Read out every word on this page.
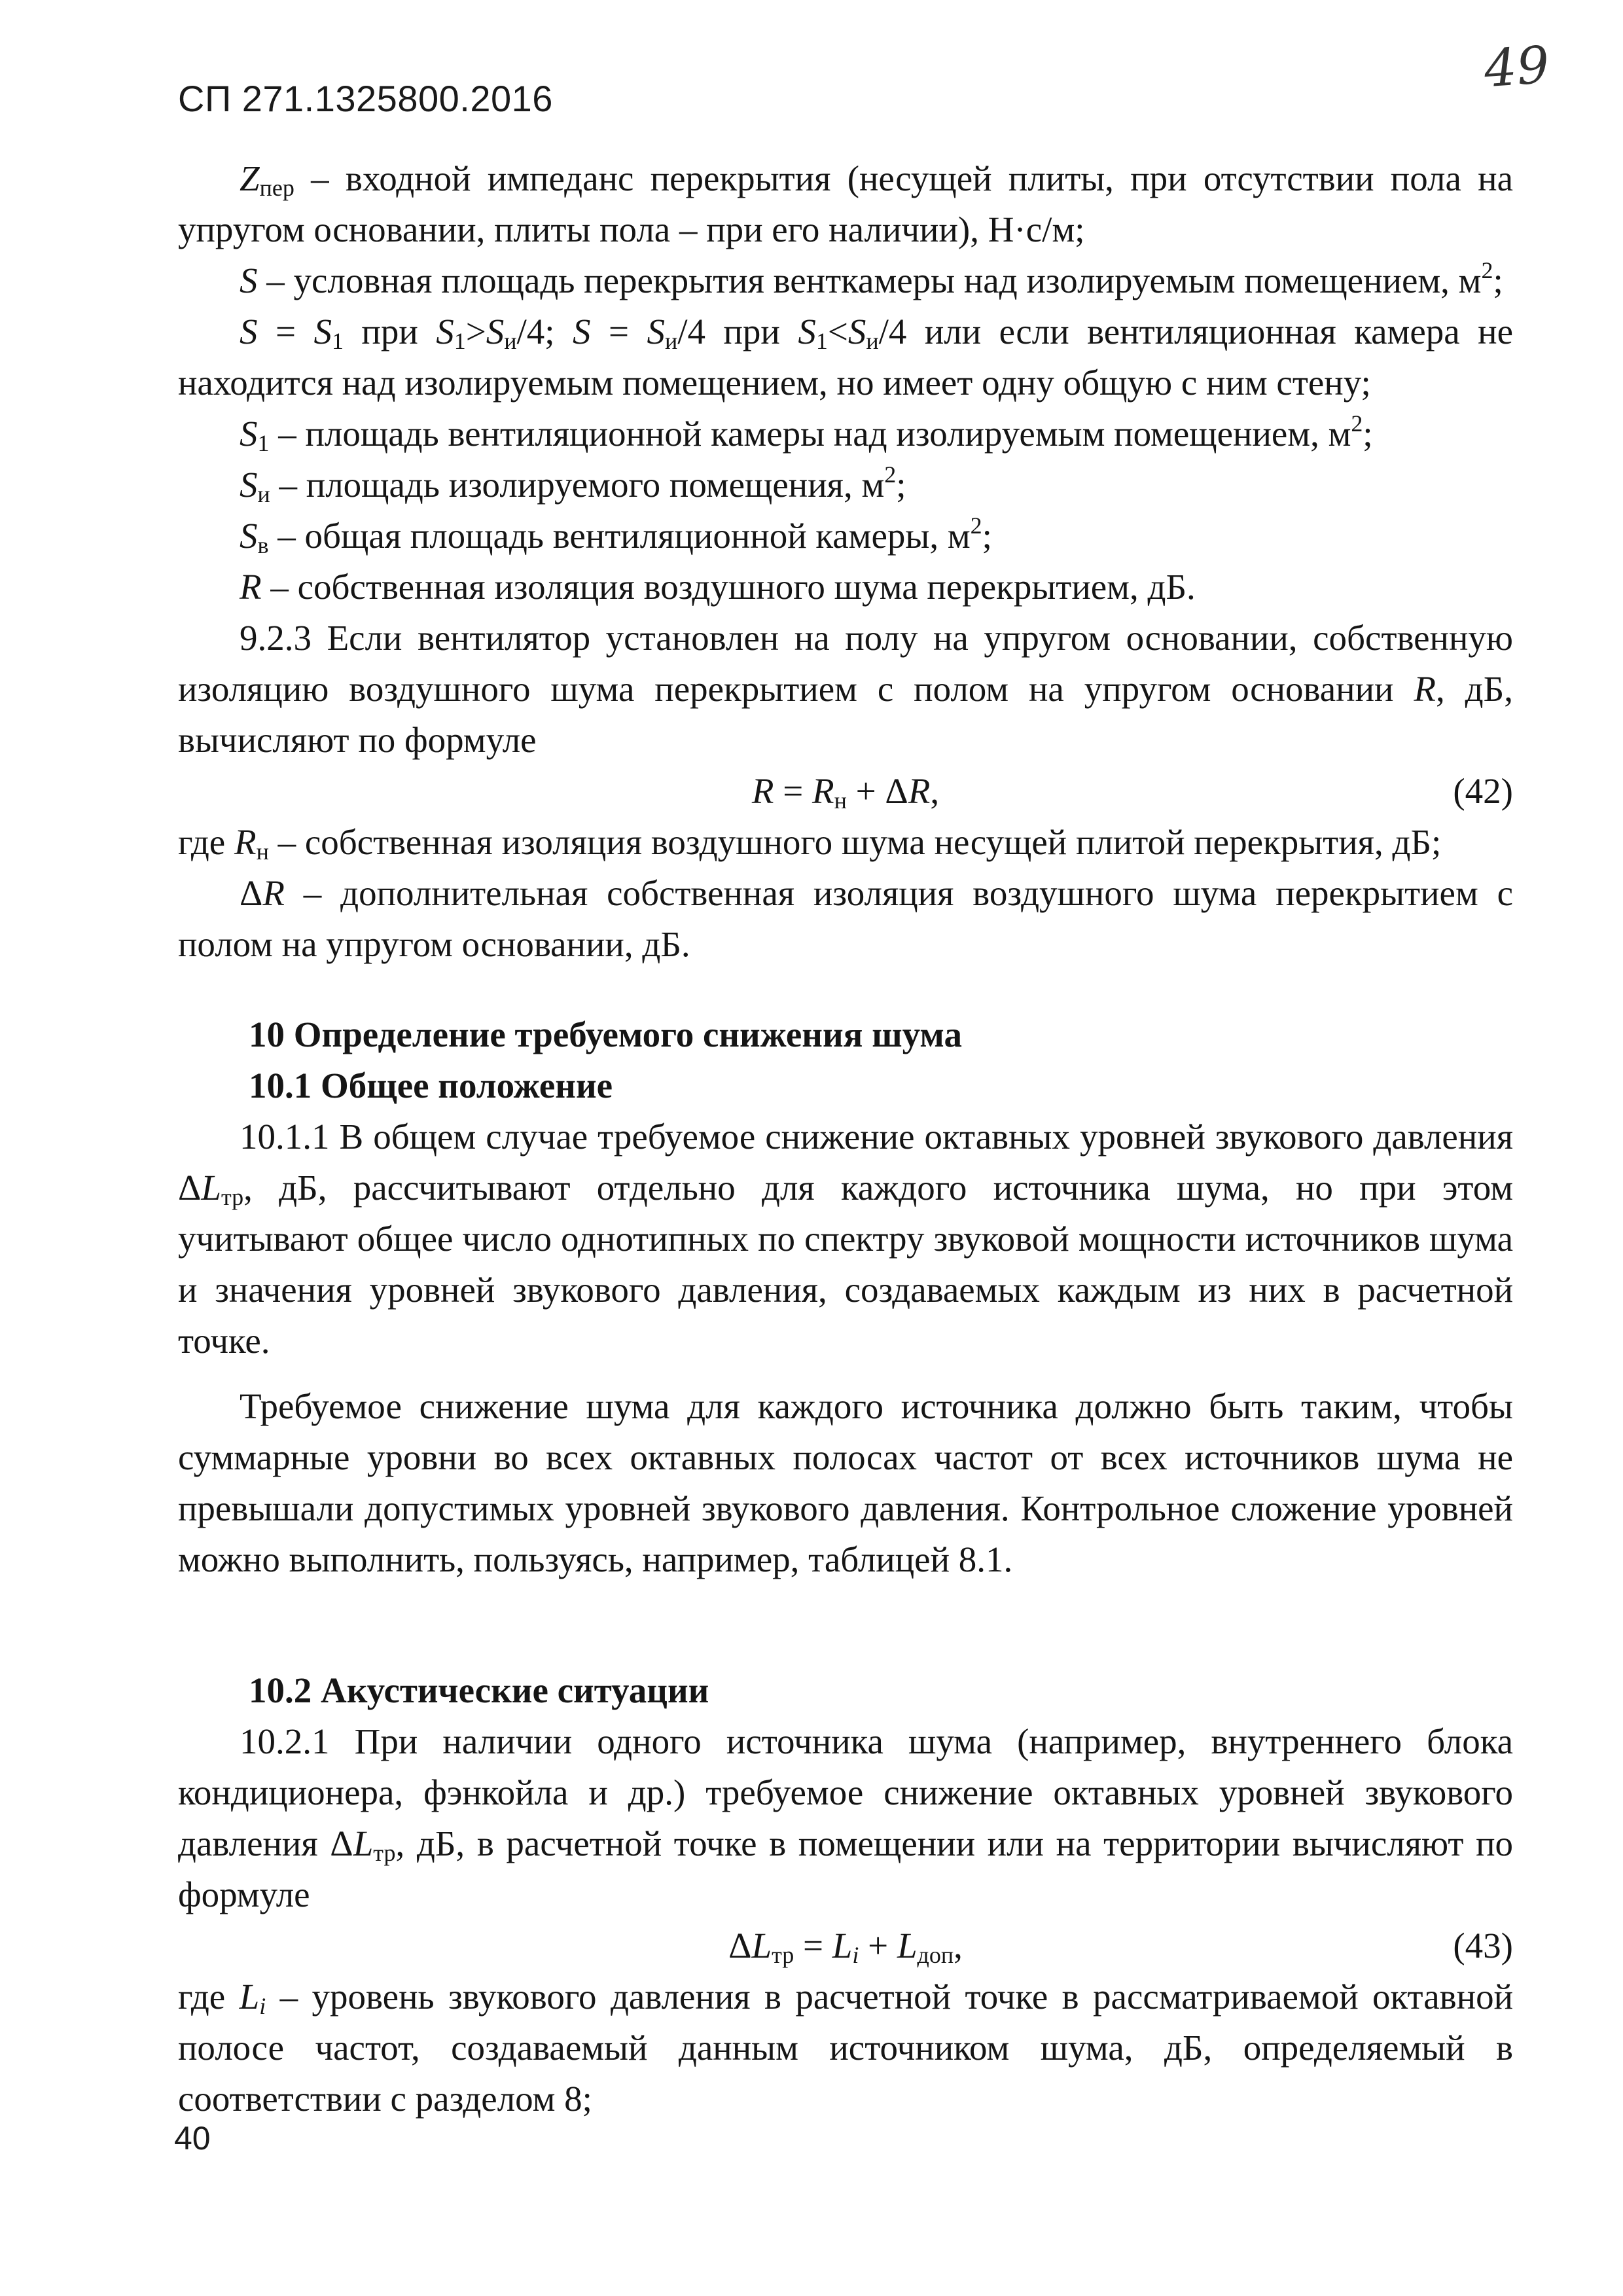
СП 271.1325800.2016	49

$Z_{пер}$ – входной импеданс перекрытия (несущей плиты, при отсутствии пола на упругом основании, плиты пола – при его наличии), Н·с/м;

S – условная площадь перекрытия венткамеры над изолируемым помещением, $м^2$;

$S = S_1$ при $S_1>S_и/4$; $S = S_и/4$ при $S_1<S_и/4$ или если вентиляционная камера не находится над изолируемым помещением, но имеет одну общую с ним стену;

$S_1$ – площадь вентиляционной камеры над изолируемым помещением, $м^2$;

$S_и$ – площадь изолируемого помещения, $м^2$;

$S_в$ – общая площадь вентиляционной камеры, $м^2$;

R – собственная изоляция воздушного шума перекрытием, дБ.

9.2.3 Если вентилятор установлен на полу на упругом основании, собственную изоляцию воздушного шума перекрытием с полом на упругом основании R, дБ, вычисляют по формуле

$R = R_н + \Delta R$,	(42)

где $R_н$ – собственная изоляция воздушного шума несущей плитой перекрытия, дБ;

ΔR – дополнительная собственная изоляция воздушного шума перекрытием с полом на упругом основании, дБ.

10 Определение требуемого снижения шума

10.1 Общее положение

10.1.1 В общем случае требуемое снижение октавных уровней звукового давления $\Delta L_{тр}$, дБ, рассчитывают отдельно для каждого источника шума, но при этом учитывают общее число однотипных по спектру звуковой мощности источников шума и значения уровней звукового давления, создаваемых каждым из них в расчетной точке.

Требуемое снижение шума для каждого источника должно быть таким, чтобы суммарные уровни во всех октавных полосах частот от всех источников шума не превышали допустимых уровней звукового давления. Контрольное сложение уровней можно выполнить, пользуясь, например, таблицей 8.1.

10.2 Акустические ситуации

10.2.1 При наличии одного источника шума (например, внутреннего блока кондиционера, фэнкойла и др.) требуемое снижение октавных уровней звукового давления $\Delta L_{тр}$, дБ, в расчетной точке в помещении или на территории вычисляют по формуле

$\Delta L_{тр} = L_i + L_{доп}$,	(43)

где $L_i$ – уровень звукового давления в расчетной точке в рассматриваемой октавной полосе частот, создаваемый данным источником шума, дБ, определяемый в соответствии с разделом 8;

40
